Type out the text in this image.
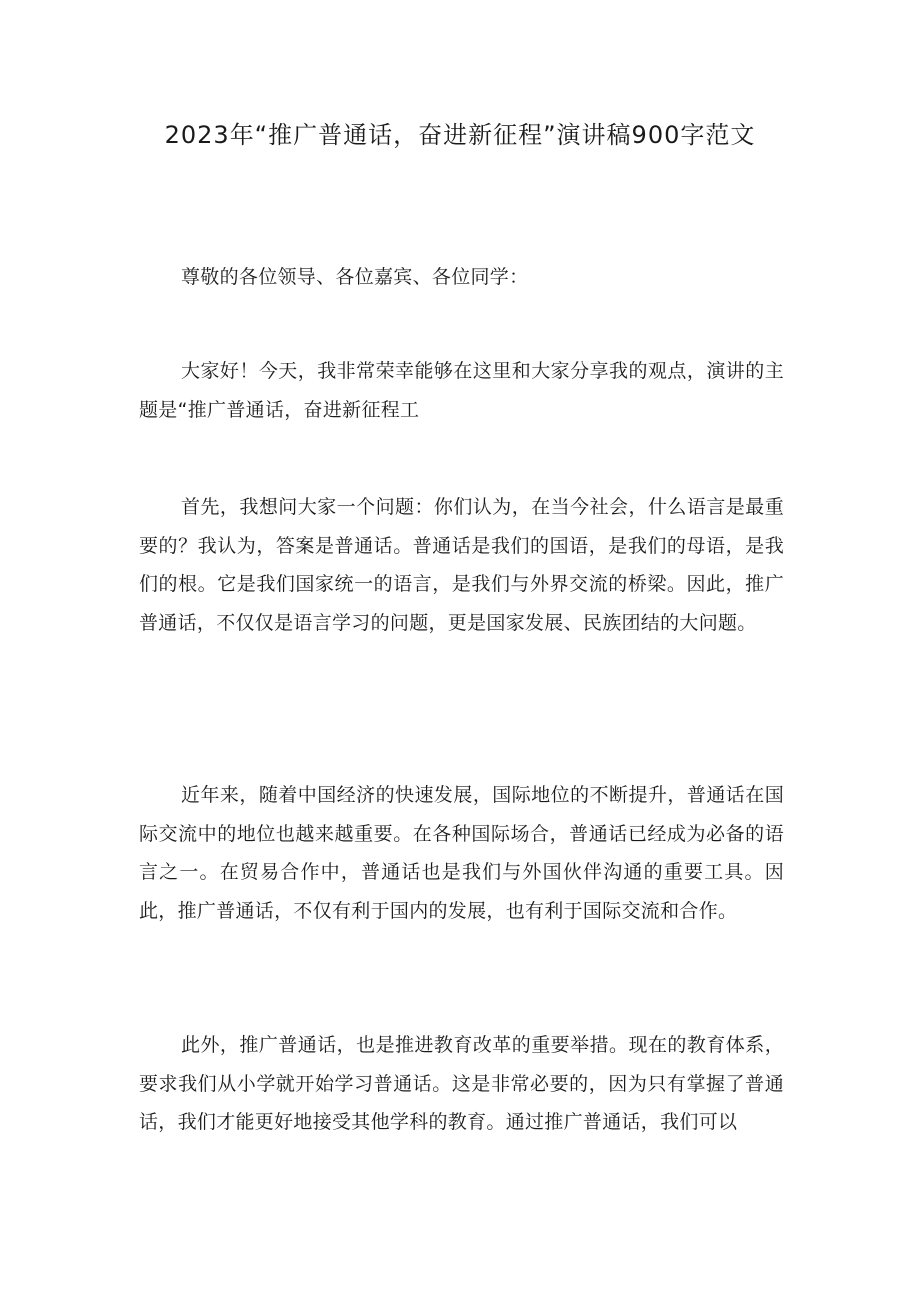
2023年“推广普通话，奋进新征程”演讲稿900字范文

尊敬的各位领导、各位嘉宾、各位同学：

大家好！今天，我非常荣幸能够在这里和大家分享我的观点，演讲的主题是“推广普通话，奋进新征程工

首先，我想问大家一个问题：你们认为，在当今社会，什么语言是最重要的？我认为，答案是普通话。普通话是我们的国语，是我们的母语，是我们的根。它是我们国家统一的语言，是我们与外界交流的桥梁。因此，推广普通话，不仅仅是语言学习的问题，更是国家发展、民族团结的大问题。

近年来，随着中国经济的快速发展，国际地位的不断提升，普通话在国际交流中的地位也越来越重要。在各种国际场合，普通话已经成为必备的语言之一。在贸易合作中，普通话也是我们与外国伙伴沟通的重要工具。因此，推广普通话，不仅有利于国内的发展，也有利于国际交流和合作。

此外，推广普通话，也是推进教育改革的重要举措。现在的教育体系，要求我们从小学就开始学习普通话。这是非常必要的，因为只有掌握了普通话，我们才能更好地接受其他学科的教育。通过推广普通话，我们可以
